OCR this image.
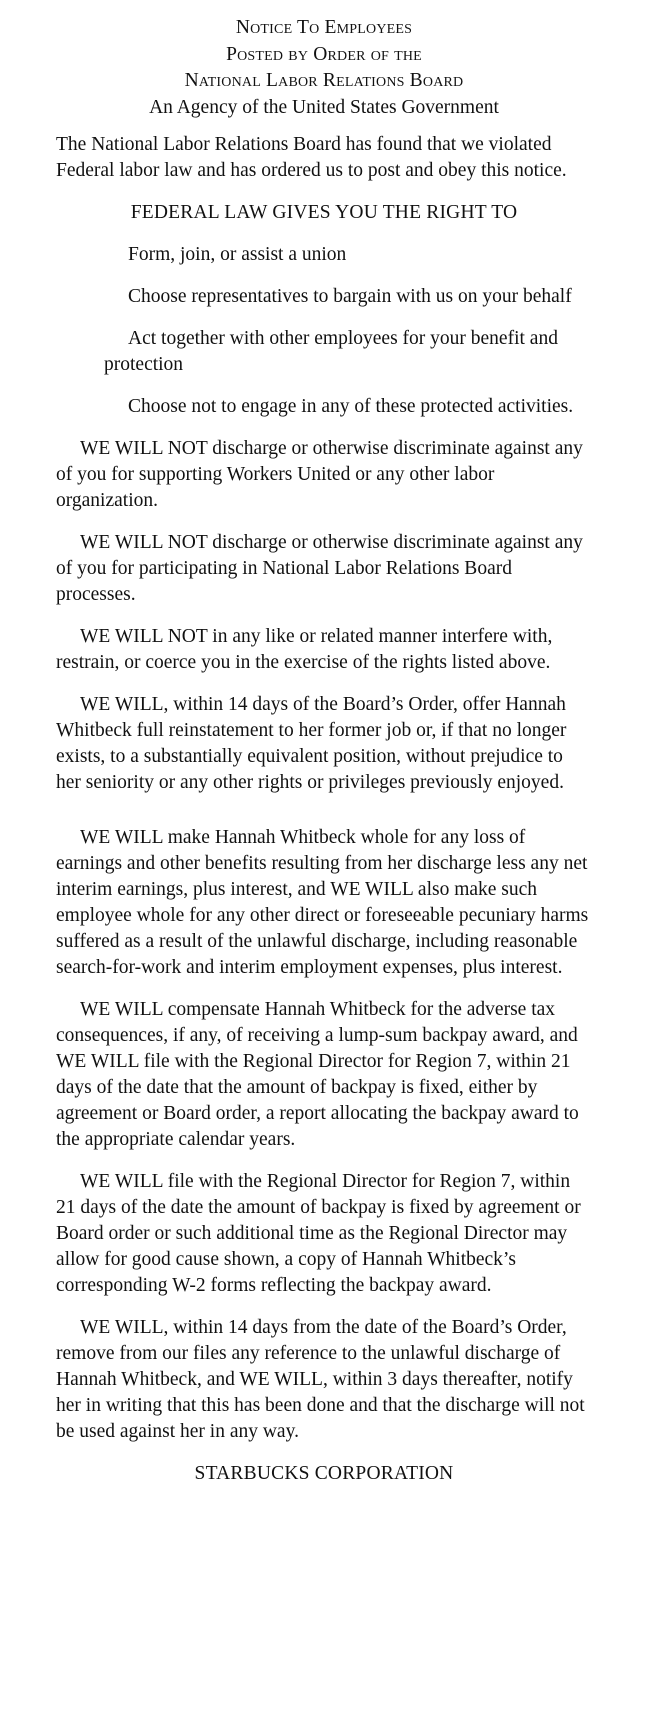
Notice To Employees
Posted by Order of the
National Labor Relations Board
An Agency of the United States Government

The National Labor Relations Board has found that we violated Federal labor law and has ordered us to post and obey this notice.

FEDERAL LAW GIVES YOU THE RIGHT TO

Form, join, or assist a union

Choose representatives to bargain with us on your behalf

Act together with other employees for your benefit and protection

Choose not to engage in any of these protected activities.

WE WILL NOT discharge or otherwise discriminate against any of you for supporting Workers United or any other labor organization.

WE WILL NOT discharge or otherwise discriminate against any of you for participating in National Labor Relations Board processes.

WE WILL NOT in any like or related manner interfere with, restrain, or coerce you in the exercise of the rights listed above.

WE WILL, within 14 days of the Board’s Order, offer Hannah Whitbeck full reinstatement to her former job or, if that no longer exists, to a substantially equivalent position, without prejudice to her seniority or any other rights or privileges previously enjoyed.

WE WILL make Hannah Whitbeck whole for any loss of earnings and other benefits resulting from her discharge less any net interim earnings, plus interest, and WE WILL also make such employee whole for any other direct or foreseeable pecuniary harms suffered as a result of the unlawful discharge, including reasonable search-for-work and interim employment expenses, plus interest.

WE WILL compensate Hannah Whitbeck for the adverse tax consequences, if any, of receiving a lump-sum backpay award, and WE WILL file with the Regional Director for Region 7, within 21 days of the date that the amount of backpay is fixed, either by agreement or Board order, a report allocating the backpay award to the appropriate calendar years.

WE WILL file with the Regional Director for Region 7, within 21 days of the date the amount of backpay is fixed by agreement or Board order or such additional time as the Regional Director may allow for good cause shown, a copy of Hannah Whitbeck’s corresponding W-2 forms reflecting the backpay award.

WE WILL, within 14 days from the date of the Board’s Order, remove from our files any reference to the unlawful discharge of Hannah Whitbeck, and WE WILL, within 3 days thereafter, notify her in writing that this has been done and that the discharge will not be used against her in any way.

STARBUCKS CORPORATION
